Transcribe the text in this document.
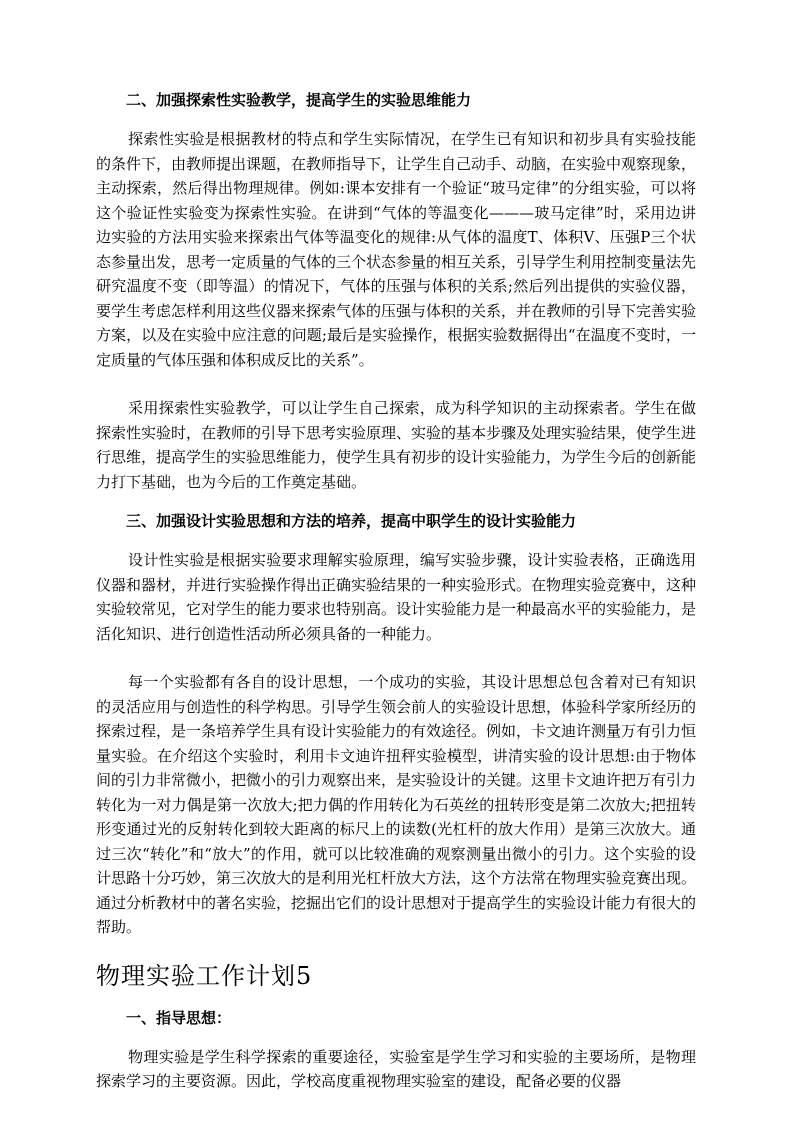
二、加强探索性实验教学，提高学生的实验思维能力

探索性实验是根据教材的特点和学生实际情况，在学生已有知识和初步具有实验技能的条件下，由教师提出课题，在教师指导下，让学生自己动手、动脑，在实验中观察现象，主动探索，然后得出物理规律。例如:课本安排有一个验证“玻马定律”的分组实验，可以将这个验证性实验变为探索性实验。在讲到“气体的等温变化———玻马定律”时，采用边讲边实验的方法用实验来探索出气体等温变化的规律:从气体的温度T、体积V、压强P三个状态参量出发，思考一定质量的气体的三个状态参量的相互关系，引导学生利用控制变量法先研究温度不变（即等温）的情况下，气体的压强与体积的关系;然后列出提供的实验仪器，要学生考虑怎样利用这些仪器来探索气体的压强与体积的关系，并在教师的引导下完善实验方案，以及在实验中应注意的问题;最后是实验操作，根据实验数据得出“在温度不变时，一定质量的气体压强和体积成反比的关系”。

采用探索性实验教学，可以让学生自己探索，成为科学知识的主动探索者。学生在做探索性实验时，在教师的引导下思考实验原理、实验的基本步骤及处理实验结果，使学生进行思维，提高学生的实验思维能力，使学生具有初步的设计实验能力，为学生今后的创新能力打下基础，也为今后的工作奠定基础。

三、加强设计实验思想和方法的培养，提高中职学生的设计实验能力

设计性实验是根据实验要求理解实验原理，编写实验步骤，设计实验表格，正确选用仪器和器材，并进行实验操作得出正确实验结果的一种实验形式。在物理实验竞赛中，这种实验较常见，它对学生的能力要求也特别高。设计实验能力是一种最高水平的实验能力，是活化知识、进行创造性活动所必须具备的一种能力。

每一个实验都有各自的设计思想，一个成功的实验，其设计思想总包含着对已有知识的灵活应用与创造性的科学构思。引导学生领会前人的实验设计思想，体验科学家所经历的探索过程，是一条培养学生具有设计实验能力的有效途径。例如，卡文迪许测量万有引力恒量实验。在介绍这个实验时，利用卡文迪许扭秤实验模型，讲清实验的设计思想:由于物体间的引力非常微小，把微小的引力观察出来，是实验设计的关键。这里卡文迪许把万有引力转化为一对力偶是第一次放大;把力偶的作用转化为石英丝的扭转形变是第二次放大;把扭转形变通过光的反射转化到较大距离的标尺上的读数(光杠杆的放大作用）是第三次放大。通过三次“转化”和“放大”的作用，就可以比较准确的观察测量出微小的引力。这个实验的设计思路十分巧妙，第三次放大的是利用光杠杆放大方法，这个方法常在物理实验竞赛出现。通过分析教材中的著名实验，挖掘出它们的设计思想对于提高学生的实验设计能力有很大的帮助。

物理实验工作计划5

一、指导思想：

物理实验是学生科学探索的重要途径，实验室是学生学习和实验的主要场所，是物理探索学习的主要资源。因此，学校高度重视物理实验室的建设，配备必要的仪器
